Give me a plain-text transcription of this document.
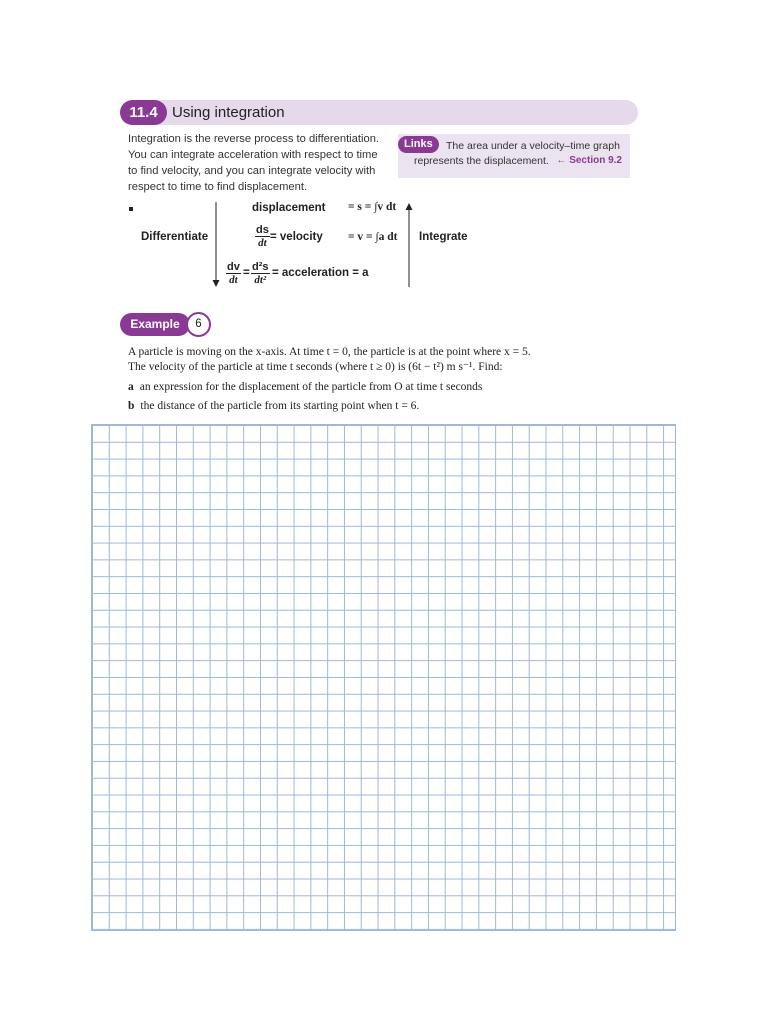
11.4 Using integration
Integration is the reverse process to differentiation.
You can integrate acceleration with respect to time
to find velocity, and you can integrate velocity with
respect to time to find displacement.
Links	The area under a velocity–time graph
represents the displacement. ← Section 9.2
Differentiate	Integrate
displacement = s = ∫v dt
$\frac{ds}{dt}$ = velocity = v = ∫a dt
$\frac{dv}{dt} = \frac{\text{d²s}}{\text{dt²}}$ = acceleration = a
Example	6
A particle is moving on the x-axis. At time t = 0, the particle is at the point where x = 5.
The velocity of the particle at time t seconds (where t ≥ 0) is (6t − t²) m s⁻¹. Find:
a an expression for the displacement of the particle from O at time t seconds
b the distance of the particle from its starting point when t = 6.
